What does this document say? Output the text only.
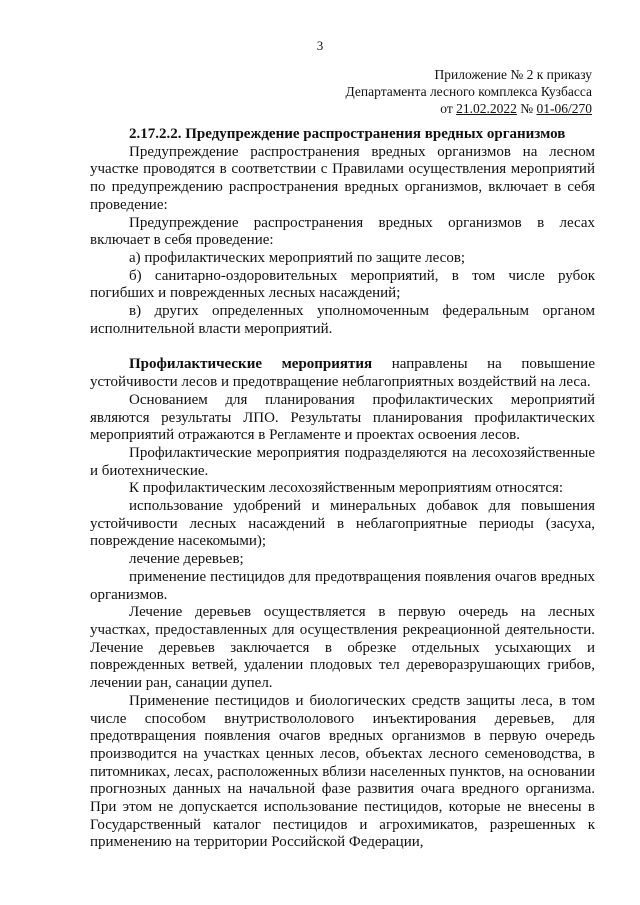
3
Приложение № 2 к приказу
Департамента лесного комплекса Кузбасса
от 21.02.2022 № 01-06/270
2.17.2.2. Предупреждение распространения вредных организмов

Предупреждение распространения вредных организмов на лесном участке проводятся в соответствии с Правилами осуществления мероприятий по предупреждению распространения вредных организмов, включает в себя проведение:

Предупреждение распространения вредных организмов в лесах включает в себя проведение:

а) профилактических мероприятий по защите лесов;

б) санитарно-оздоровительных мероприятий, в том числе рубок погибших и поврежденных лесных насаждений;

в) других определенных уполномоченным федеральным органом исполнительной власти мероприятий.

Профилактические мероприятия направлены на повышение устойчивости лесов и предотвращение неблагоприятных воздействий на леса.

Основанием для планирования профилактических мероприятий являются результаты ЛПО. Результаты планирования профилактических мероприятий отражаются в Регламенте и проектах освоения лесов.

Профилактические мероприятия подразделяются на лесохозяйственные и биотехнические.

К профилактическим лесохозяйственным мероприятиям относятся:

использование удобрений и минеральных добавок для повышения устойчивости лесных насаждений в неблагоприятные периоды (засуха, повреждение насекомыми);

лечение деревьев;

применение пестицидов для предотвращения появления очагов вредных организмов.

Лечение деревьев осуществляется в первую очередь на лесных участках, предоставленных для осуществления рекреационной деятельности. Лечение деревьев заключается в обрезке отдельных усыхающих и поврежденных ветвей, удалении плодовых тел дереворазрушающих грибов, лечении ран, санации дупел.

Применение пестицидов и биологических средств защиты леса, в том числе способом внутриствололового инъектирования деревьев, для предотвращения появления очагов вредных организмов в первую очередь производится на участках ценных лесов, объектах лесного семеноводства, в питомниках, лесах, расположенных вблизи населенных пунктов, на основании прогнозных данных на начальной фазе развития очага вредного организма. При этом не допускается использование пестицидов, которые не внесены в Государственный каталог пестицидов и агрохимикатов, разрешенных к применению на территории Российской Федерации,
